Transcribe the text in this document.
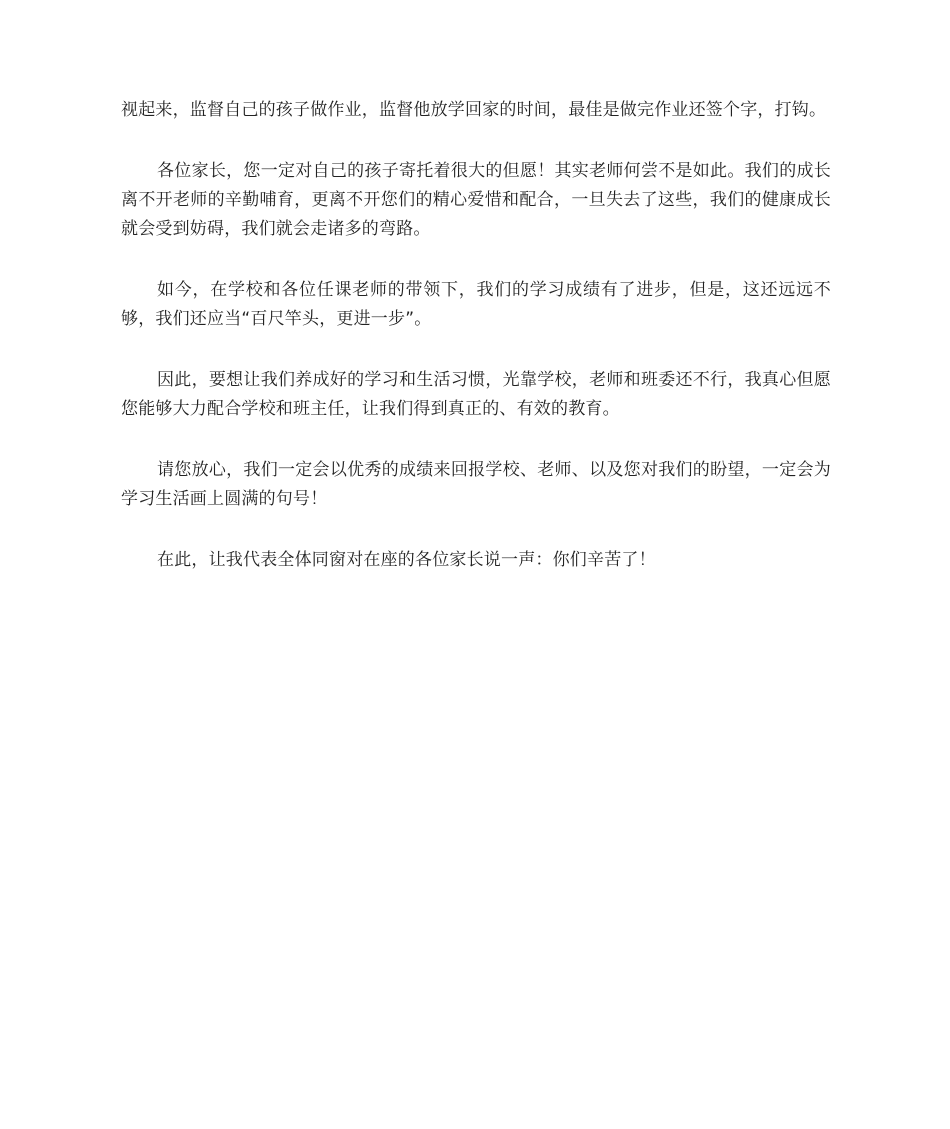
视起来，监督自己的孩子做作业，监督他放学回家的时间，最佳是做完作业还签个字，打钩。

各位家长，您一定对自己的孩子寄托着很大的但愿！其实老师何尝不是如此。我们的成长离不开老师的辛勤哺育，更离不开您们的精心爱惜和配合，一旦失去了这些，我们的健康成长就会受到妨碍，我们就会走诸多的弯路。

如今，在学校和各位任课老师的带领下，我们的学习成绩有了进步，但是，这还远远不够，我们还应当“百尺竿头，更进一步”。

因此，要想让我们养成好的学习和生活习惯，光靠学校，老师和班委还不行，我真心但愿您能够大力配合学校和班主任，让我们得到真正的、有效的教育。

请您放心，我们一定会以优秀的成绩来回报学校、老师、以及您对我们的盼望，一定会为学习生活画上圆满的句号！

在此，让我代表全体同窗对在座的各位家长说一声：你们辛苦了！
